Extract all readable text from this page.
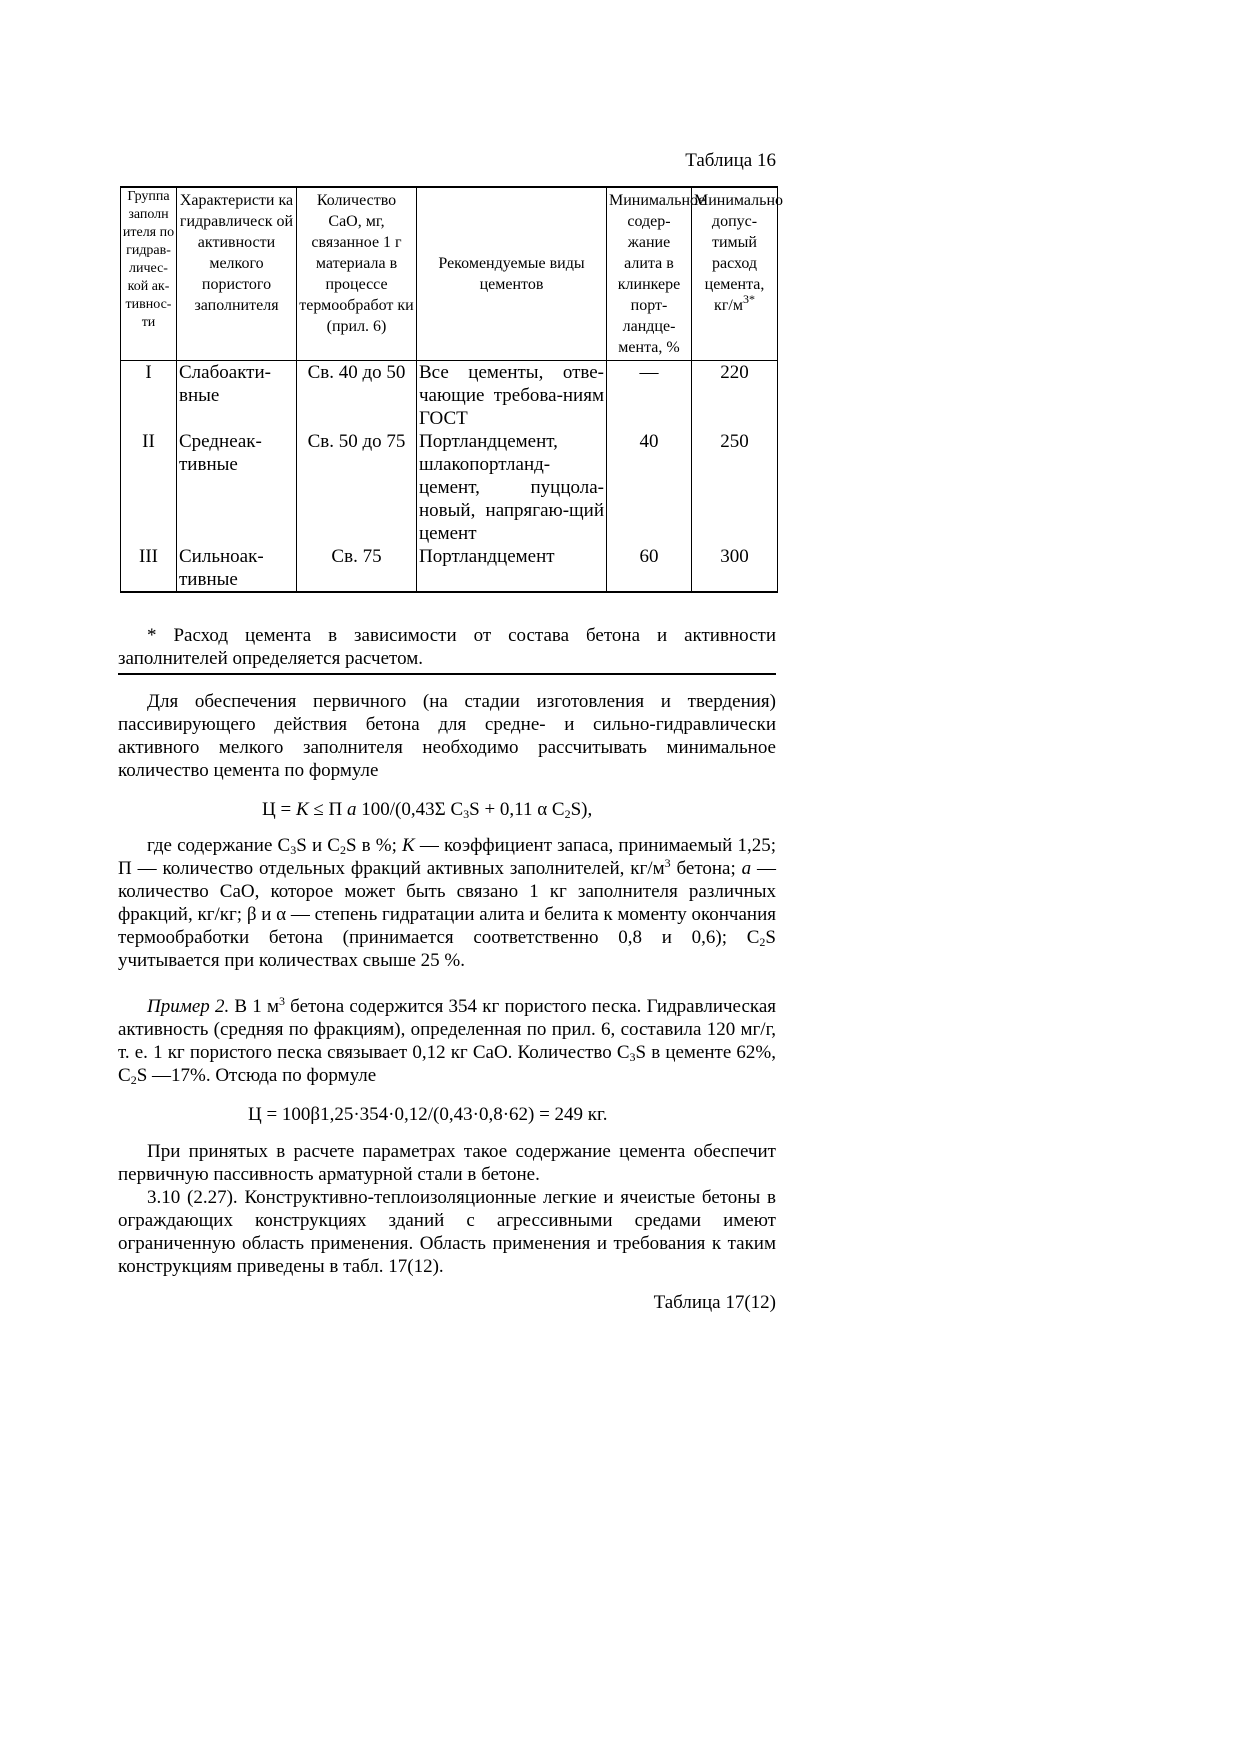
Таблица 16
Группа заполн ителя по гидрав-личес-кой ак-тивнос-ти	Характеристи ка гидравлическ ой активности мелкого пористого заполнителя	Количество CaO, мг, связанное 1 г материала в процессе термообработ ки (прил. 6)	Рекомендуемые виды цементов	Минимальное содер-жание алита в клинкере порт-ландце-мента, %	Минимально допус-тимый расход цемента, $кг/м^{3*}$
I	Слабоакти-вные	Св. 40 до 50	Все цементы, отве-чающие требова-ниям ГОСТ	—	220
II	Среднеак-тивные	Св. 50 до 75	Портландцемент, шлакопортланд-цемент, пуццола-новый, напрягаю-щий цемент	40	250
III	Сильноак-тивные	Св. 75	Портландцемент	60	300
* Расход цемента в зависимости от состава бетона и активности заполнителей определяется расчетом.
Для обеспечения первичного (на стадии изготовления и твердения) пассивирующего действия бетона для средне- и сильно-гидравлически активного мелкого заполнителя необходимо рассчитывать минимальное количество цемента по формуле
Ц = K ≤ П a 100/(0,43Σ $C_3S + 0,11$ α $C_2S$),
где содержание $C_3S$ и $C_2S$ в %; K — коэффициент запаса, принимаемый 1,25; П — количество отдельных фракций активных заполнителей, $кг/м^3$ бетона; a — количество CaO, которое может быть связано 1 кг заполнителя различных фракций, кг/кг; β и α — степень гидратации алита и белита к моменту окончания термообработки бетона (принимается соответственно 0,8 и 0,6); $C_2S$ учитывается при количествах свыше 25 %.
Пример 2. В 1 $м^3$ бетона содержится 354 кг пористого песка. Гидравлическая активность (средняя по фракциям), определенная по прил. 6, составила 120 мг/г, т. е. 1 кг пористого песка связывает 0,12 кг CaO. Количество $C_3S$ в цементе 62%, $C_2S$ —17%. Отсюда по формуле
Ц = 100β1,25·354·0,12/(0,43·0,8·62) = 249 кг.
При принятых в расчете параметрах такое содержание цемента обеспечит первичную пассивность арматурной стали в бетоне.
3.10 (2.27). Конструктивно-теплоизоляционные легкие и ячеистые бетоны в ограждающих конструкциях зданий с агрессивными средами имеют ограниченную область применения. Область применения и требования к таким конструкциям приведены в табл. 17(12).
Таблица 17(12)
